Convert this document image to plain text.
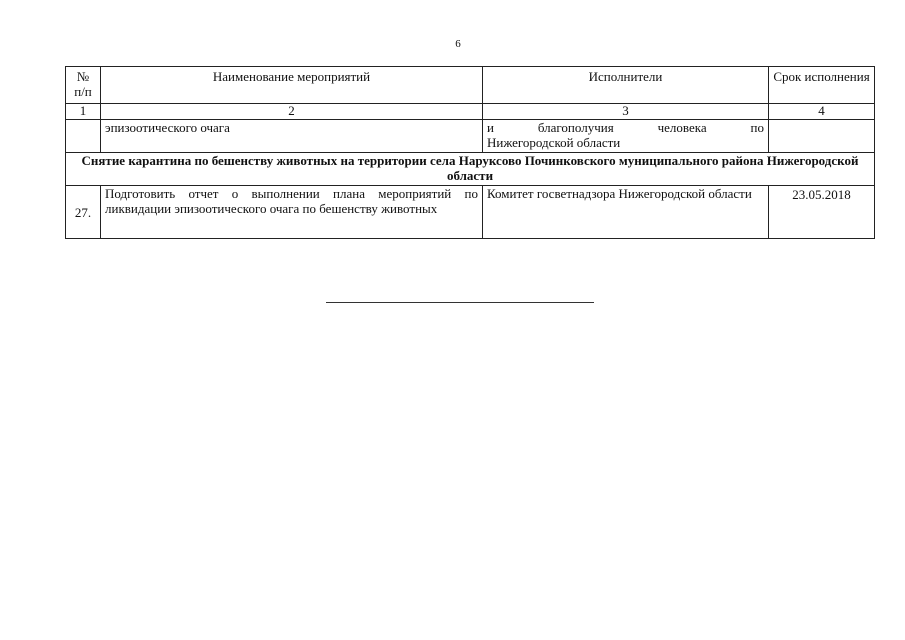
6
№ п/п	Наименование мероприятий	Исполнители	Срок исполнения
1	2	3	4
	эпизоотического очага	и благополучия человека по
Нижегородской области	

Снятие карантина по бешенству животных на территории села Наруксово Починковского муниципального района Нижегородской области			
27.	Подготовить отчет о выполнении плана мероприятий по ликвидации эпизоотического очага по бешенству животных	Комитет госветнадзора Нижегородской области	23.05.2018
